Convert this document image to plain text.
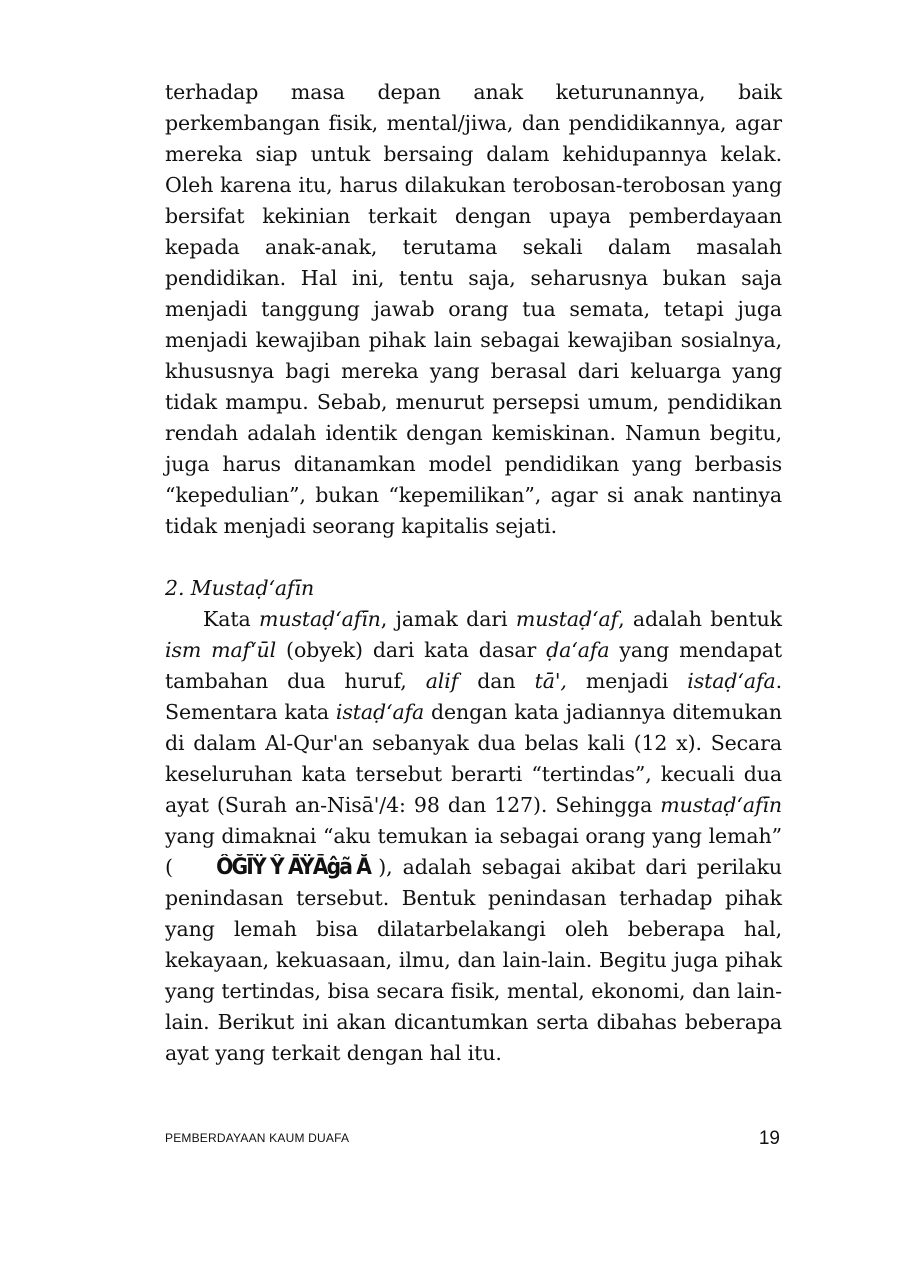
terhadap masa depan anak keturunannya, baik perkembangan fisik, mental/jiwa, dan pendidikannya, agar mereka siap untuk bersaing dalam kehidupannya kelak. Oleh karena itu, harus dilakukan terobosan-terobosan yang bersifat kekinian terkait dengan upaya pemberdayaan kepada anak-anak, terutama sekali dalam masalah pendidikan. Hal ini, tentu saja, seharusnya bukan saja menjadi tanggung jawab orang tua semata, tetapi juga menjadi kewajiban pihak lain sebagai kewajiban sosialnya, khususnya bagi mereka yang berasal dari keluarga yang tidak mampu. Sebab, menurut persepsi umum, pendidikan rendah adalah identik dengan kemiskinan. Namun begitu, juga harus ditanamkan model pendidikan yang berbasis “kepedulian”, bukan “kepemilikan”, agar si anak nantinya tidak menjadi seorang kapitalis sejati.

2. Mustaḍ‘afīn

Kata mustaḍ‘afīn, jamak dari mustaḍ‘af, adalah bentuk ism maf‘ūl (obyek) dari kata dasar ḍa‘afa yang mendapat tambahan dua huruf, alif dan tā', menjadi istaḍ‘afa. Sementara kata istaḍ‘afa dengan kata jadiannya ditemukan di dalam Al-Qur'an sebanyak dua belas kali (12 x). Secara keseluruhan kata tersebut berarti “tertindas”, kecuali dua ayat (Surah an-Nisā'/4: 98 dan 127). Sehingga mustaḍ‘afīn yang dimaknai “aku temukan ia sebagai orang yang lemah” ( ÔĞĪŸ Ŷ ĀŸĀĝã Ă ), adalah sebagai akibat dari perilaku penindasan tersebut. Bentuk penindasan terhadap pihak yang lemah bisa dilatarbelakangi oleh beberapa hal, kekayaan, kekuasaan, ilmu, dan lain-lain. Begitu juga pihak yang tertindas, bisa secara fisik, mental, ekonomi, dan lain-lain. Berikut ini akan dicantumkan serta dibahas beberapa ayat yang terkait dengan hal itu.

PEMBERDAYAAN KAUM DUAFA	19
